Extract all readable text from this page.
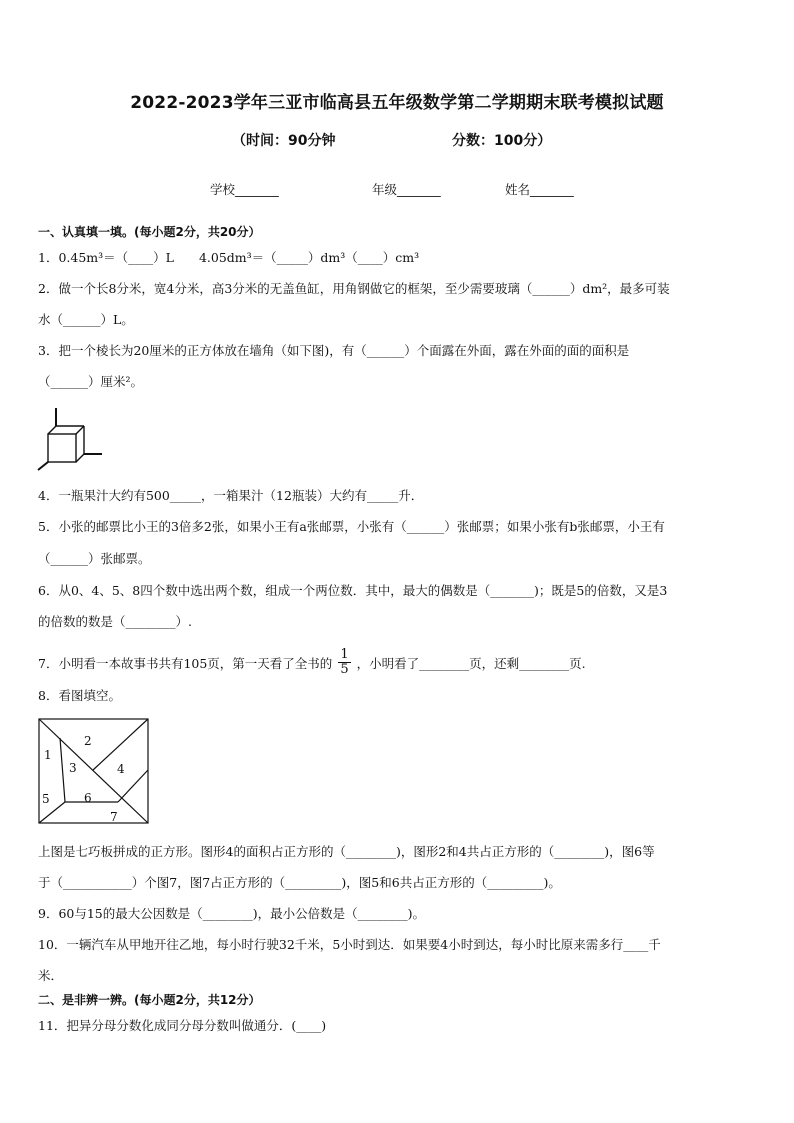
2022-2023学年三亚市临高县五年级数学第二学期期末联考模拟试题
（时间：90分钟	分数：100分）
学校_______	年级_______	姓名_______
一、认真填一填。(每小题2分，共20分）
1．0.45m³＝（____）L　　4.05dm³＝（_____）dm³（____）cm³
2．做一个长8分米，宽4分米，高3分米的无盖鱼缸，用角钢做它的框架，至少需要玻璃（______）dm²，最多可装
水（______）L。
3．把一个棱长为20厘米的正方体放在墙角（如下图)，有（______）个面露在外面，露在外面的面的面积是
（______）厘米²。
4．一瓶果汁大约有500_____，一箱果汁（12瓶装）大约有_____升．
5．小张的邮票比小王的3倍多2张，如果小王有a张邮票，小张有（______）张邮票；如果小张有b张邮票，小王有
（______）张邮票。
6．从0、4、5、8四个数中选出两个数，组成一个两位数．其中，最大的偶数是（_______)；既是5的倍数，又是3
的倍数的数是（________）.
7．小明看一本故事书共有105页，第一天看了全书的 $\frac{1}{5}$ ，小明看了________页，还剩________页.
8．看图填空。
1
2
3	4
5	6
7
上图是七巧板拼成的正方形。图形4的面积占正方形的（________)，图形2和4共占正方形的（________)，图6等
于（___________）个图7，图7占正方形的（_________)，图5和6共占正方形的（_________)。
9．60与15的最大公因数是（________)，最小公倍数是（________)。
10．一辆汽车从甲地开往乙地，每小时行驶32千米，5小时到达．如果要4小时到达，每小时比原来需多行____千
米．
二、是非辨一辨。(每小题2分，共12分）
11．把异分母分数化成同分母分数叫做通分．(____)
